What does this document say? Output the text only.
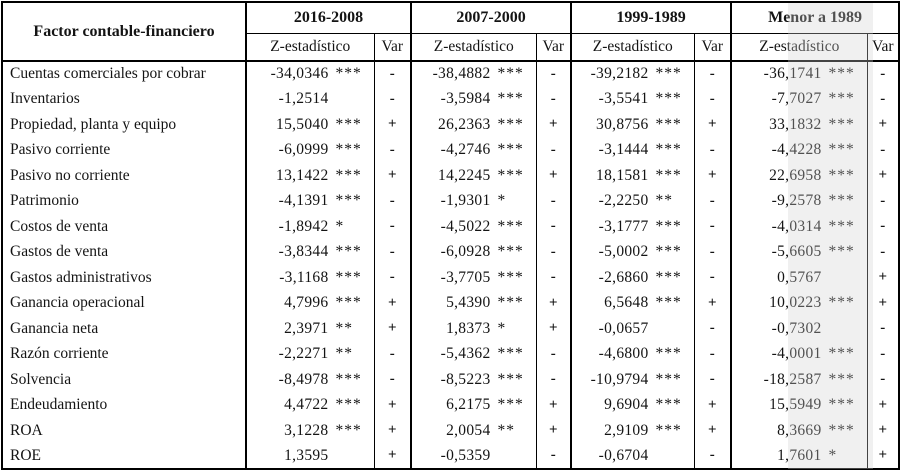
Factor contable-financiero	2016-2008		2007-2000		1999-1989		Menor a 1989	
	Z-estadístico	Var	Z-estadístico	Var	Z-estadístico	Var	Z-estadístico	Var
Cuentas comerciales por cobrar	-34,0346 ***	-	-38,4882 ***	-	-39,2182 ***	-	-36,1741 ***	-
Inventarios	-1,2514	-	-3,5984 ***	-	-3,5541 ***	-	-7,7027 ***	-
Propiedad, planta y equipo	15,5040 ***	+	26,2363 ***	+	30,8756 ***	+	33,1832 ***	+
Pasivo corriente	-6,0999 ***	-	-4,2746 ***	-	-3,1444 ***	-	-4,4228 ***	-
Pasivo no corriente	13,1422 ***	+	14,2245 ***	+	18,1581 ***	+	22,6958 ***	+
Patrimonio	-4,1391 ***	-	-1,9301 *	-	-2,2250 **	-	-9,2578 ***	-
Costos de venta	-1,8942 *	-	-4,5022 ***	-	-3,1777 ***	-	-4,0314 ***	-
Gastos de venta	-3,8344 ***	-	-6,0928 ***	-	-5,0002 ***	-	-5,6605 ***	-
Gastos administrativos	-3,1168 ***	-	-3,7705 ***	-	-2,6860 ***	-	0,5767	+
Ganancia operacional	4,7996 ***	+	5,4390 ***	+	6,5648 ***	+	10,0223 ***	+
Ganancia neta	2,3971 **	+	1,8373 *	+	-0,0657	-	-0,7302	-
Razón corriente	-2,2271 **	-	-5,4362 ***	-	-4,6800 ***	-	-4,0001 ***	-
Solvencia	-8,4978 ***	-	-8,5223 ***	-	-10,9794 ***	-	-18,2587 ***	-
Endeudamiento	4,4722 ***	+	6,2175 ***	+	9,6904 ***	+	15,5949 ***	+
ROA	3,1228 ***	+	2,0054 **	+	2,9109 ***	+	8,3669 ***	+
ROE	1,3595	+	-0,5359	-	-0,6704	-	1,7601 *	+
